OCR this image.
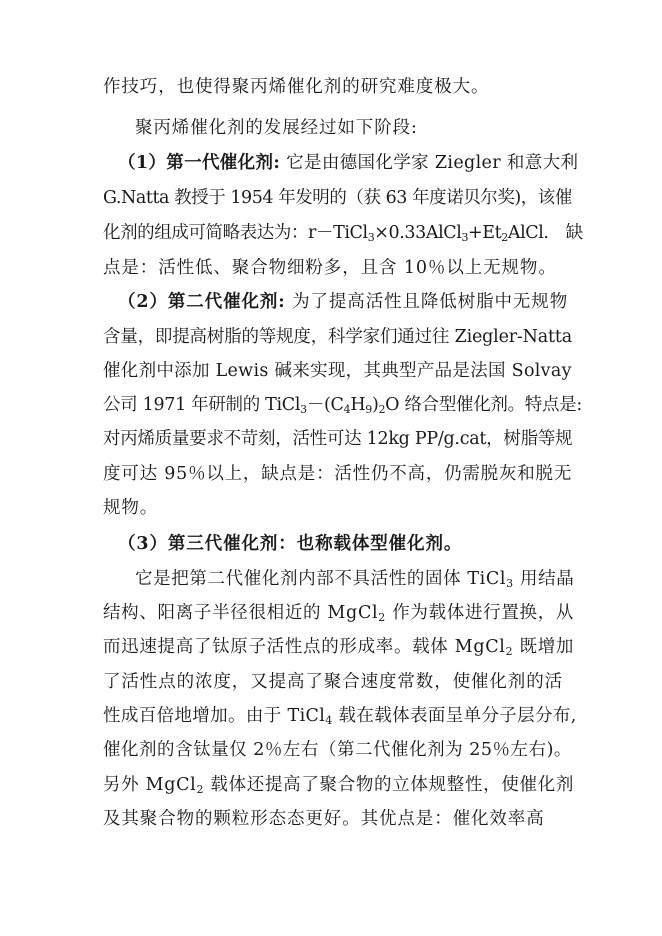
作技巧，也使得聚丙烯催化剂的研究难度极大。

聚丙烯催化剂的发展经过如下阶段:

（1）第一代催化剂: 它是由德国化学家 Ziegler 和意大利

G.Natta 教授于 1954 年发明的（获 63 年度诺贝尔奖)，该催

化剂的组成可简略表达为：$r-TiCl_3\times 0.33AlCl_3+Et_2AlCl$.　缺

点是：活性低、聚合物细粉多，且含 10％以上无规物。

（2）第二代催化剂: 为了提高活性且降低树脂中无规物

含量，即提高树脂的等规度，科学家们通过往 Ziegler-Natta

催化剂中添加 Lewis 碱来实现，其典型产品是法国 Solvay

公司 1971 年研制的 $TiCl_3-(C_4H_9)_2O$ 络合型催化剂。特点是:

对丙烯质量要求不苛刻，活性可达 12kg PP/g.cat，树脂等规

度可达 95％以上，缺点是：活性仍不高，仍需脱灰和脱无

规物。

（3）第三代催化剂：也称载体型催化剂。

它是把第二代催化剂内部不具活性的固体 TiCl$_3$ 用结晶

结构、阳离子半径很相近的 MgCl$_2$ 作为载体进行置换，从

而迅速提高了钛原子活性点的形成率。载体 MgCl$_2$ 既增加

了活性点的浓度，又提高了聚合速度常数，使催化剂的活

性成百倍地增加。由于 TiCl$_4$ 载在载体表面呈单分子层分布,

催化剂的含钛量仅 2％左右（第二代催化剂为 25％左右)。

另外 MgCl$_2$ 载体还提高了聚合物的立体规整性，使催化剂

及其聚合物的颗粒形态态更好。其优点是：催化效率高
